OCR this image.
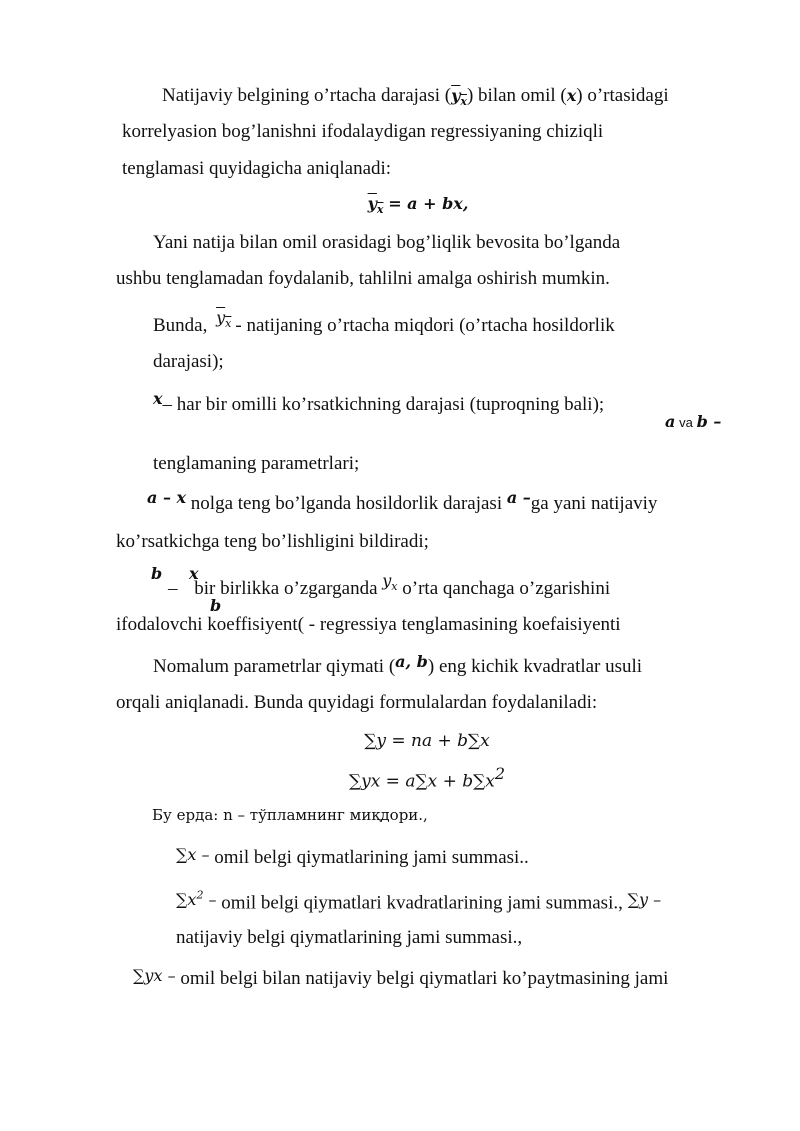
Natijaviy belgining o’rtacha darajasi $(y_x)$ bilan omil (x) o’rtasidagi
korrelyasion bog’lanishni ifodalaydigan regressiyaning chiziqli
tenglamasi quyidagicha aniqlanadi:
$y_x = a$ + bx,
Yani natija bilan omil orasidagi bog’liqlik bevosita bo’lganda
ushbu tenglamadan foydalanib, tahlilni amalga oshirish mumkin.
Bunda, $^{y_x}$ - natijaning o’rtacha miqdori (o’rtacha hosildorlik
darajasi);
$^x$– har bir omilli ko’rsatkichning darajasi (tuproqning bali);
a va b –
tenglamaning parametrlari;
$^{a - x}$ nolga teng bo’lganda hosildorlik darajasi $^{a -}$ga yani natijaviy
ko’rsatkichga teng bo’lishligini bildiradi;
b x
– bir birlikka o’zgarganda $^{y_x}$ o’rta qanchaga o’zgarishini
b
ifodalovchi koeffisiyent( - regressiya tenglamasining koefaisiyenti
Nomalum parametrlar qiymati ($^{a, b}$) eng kichik kvadratlar usuli
orqali aniqlanadi. Bunda quyidagi formulalardan foydalaniladi:
∑y = na + b∑x
$\sum yx = a\sum x + b\sum x^2$
Бу ерда: n – тўпламнинг миқдори.,
∑x – omil belgi qiymatlarining jami summasi..
$\sum x^2$ – omil belgi qiymatlari kvadratlarining jami summasi., ∑y –
natijaviy belgi qiymatlarining jami summasi.,
∑yx – omil belgi bilan natijaviy belgi qiymatlari ko’paytmasining jami
